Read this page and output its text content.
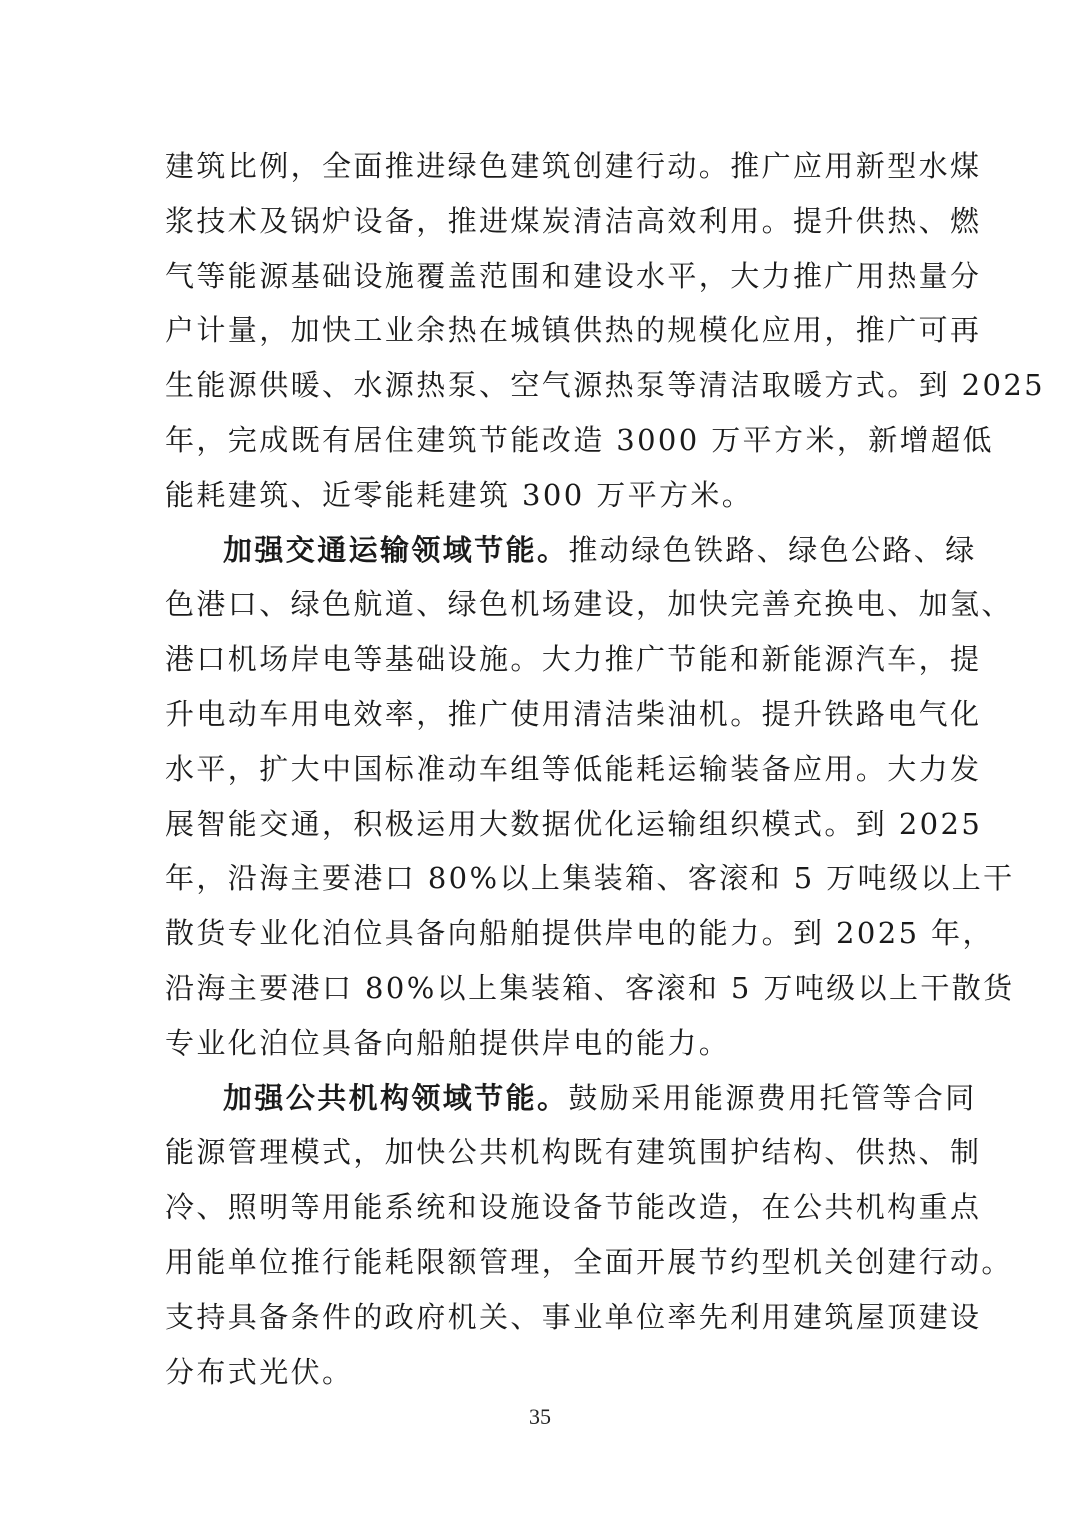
建筑比例，全面推进绿色建筑创建行动。推广应用新型水煤
浆技术及锅炉设备，推进煤炭清洁高效利用。提升供热、燃
气等能源基础设施覆盖范围和建设水平，大力推广用热量分
户计量，加快工业余热在城镇供热的规模化应用，推广可再
生能源供暖、水源热泵、空气源热泵等清洁取暖方式。到 2025
年，完成既有居住建筑节能改造 3000 万平方米，新增超低
能耗建筑、近零能耗建筑 300 万平方米。
加强交通运输领域节能。推动绿色铁路、绿色公路、绿
色港口、绿色航道、绿色机场建设，加快完善充换电、加氢、
港口机场岸电等基础设施。大力推广节能和新能源汽车，提
升电动车用电效率，推广使用清洁柴油机。提升铁路电气化
水平，扩大中国标准动车组等低能耗运输装备应用。大力发
展智能交通，积极运用大数据优化运输组织模式。到 2025
年，沿海主要港口 80%以上集装箱、客滚和 5 万吨级以上干
散货专业化泊位具备向船舶提供岸电的能力。到 2025 年，
沿海主要港口 80%以上集装箱、客滚和 5 万吨级以上干散货
专业化泊位具备向船舶提供岸电的能力。
加强公共机构领域节能。鼓励采用能源费用托管等合同
能源管理模式，加快公共机构既有建筑围护结构、供热、制
冷、照明等用能系统和设施设备节能改造，在公共机构重点
用能单位推行能耗限额管理，全面开展节约型机关创建行动。
支持具备条件的政府机关、事业单位率先利用建筑屋顶建设
分布式光伏。
35
